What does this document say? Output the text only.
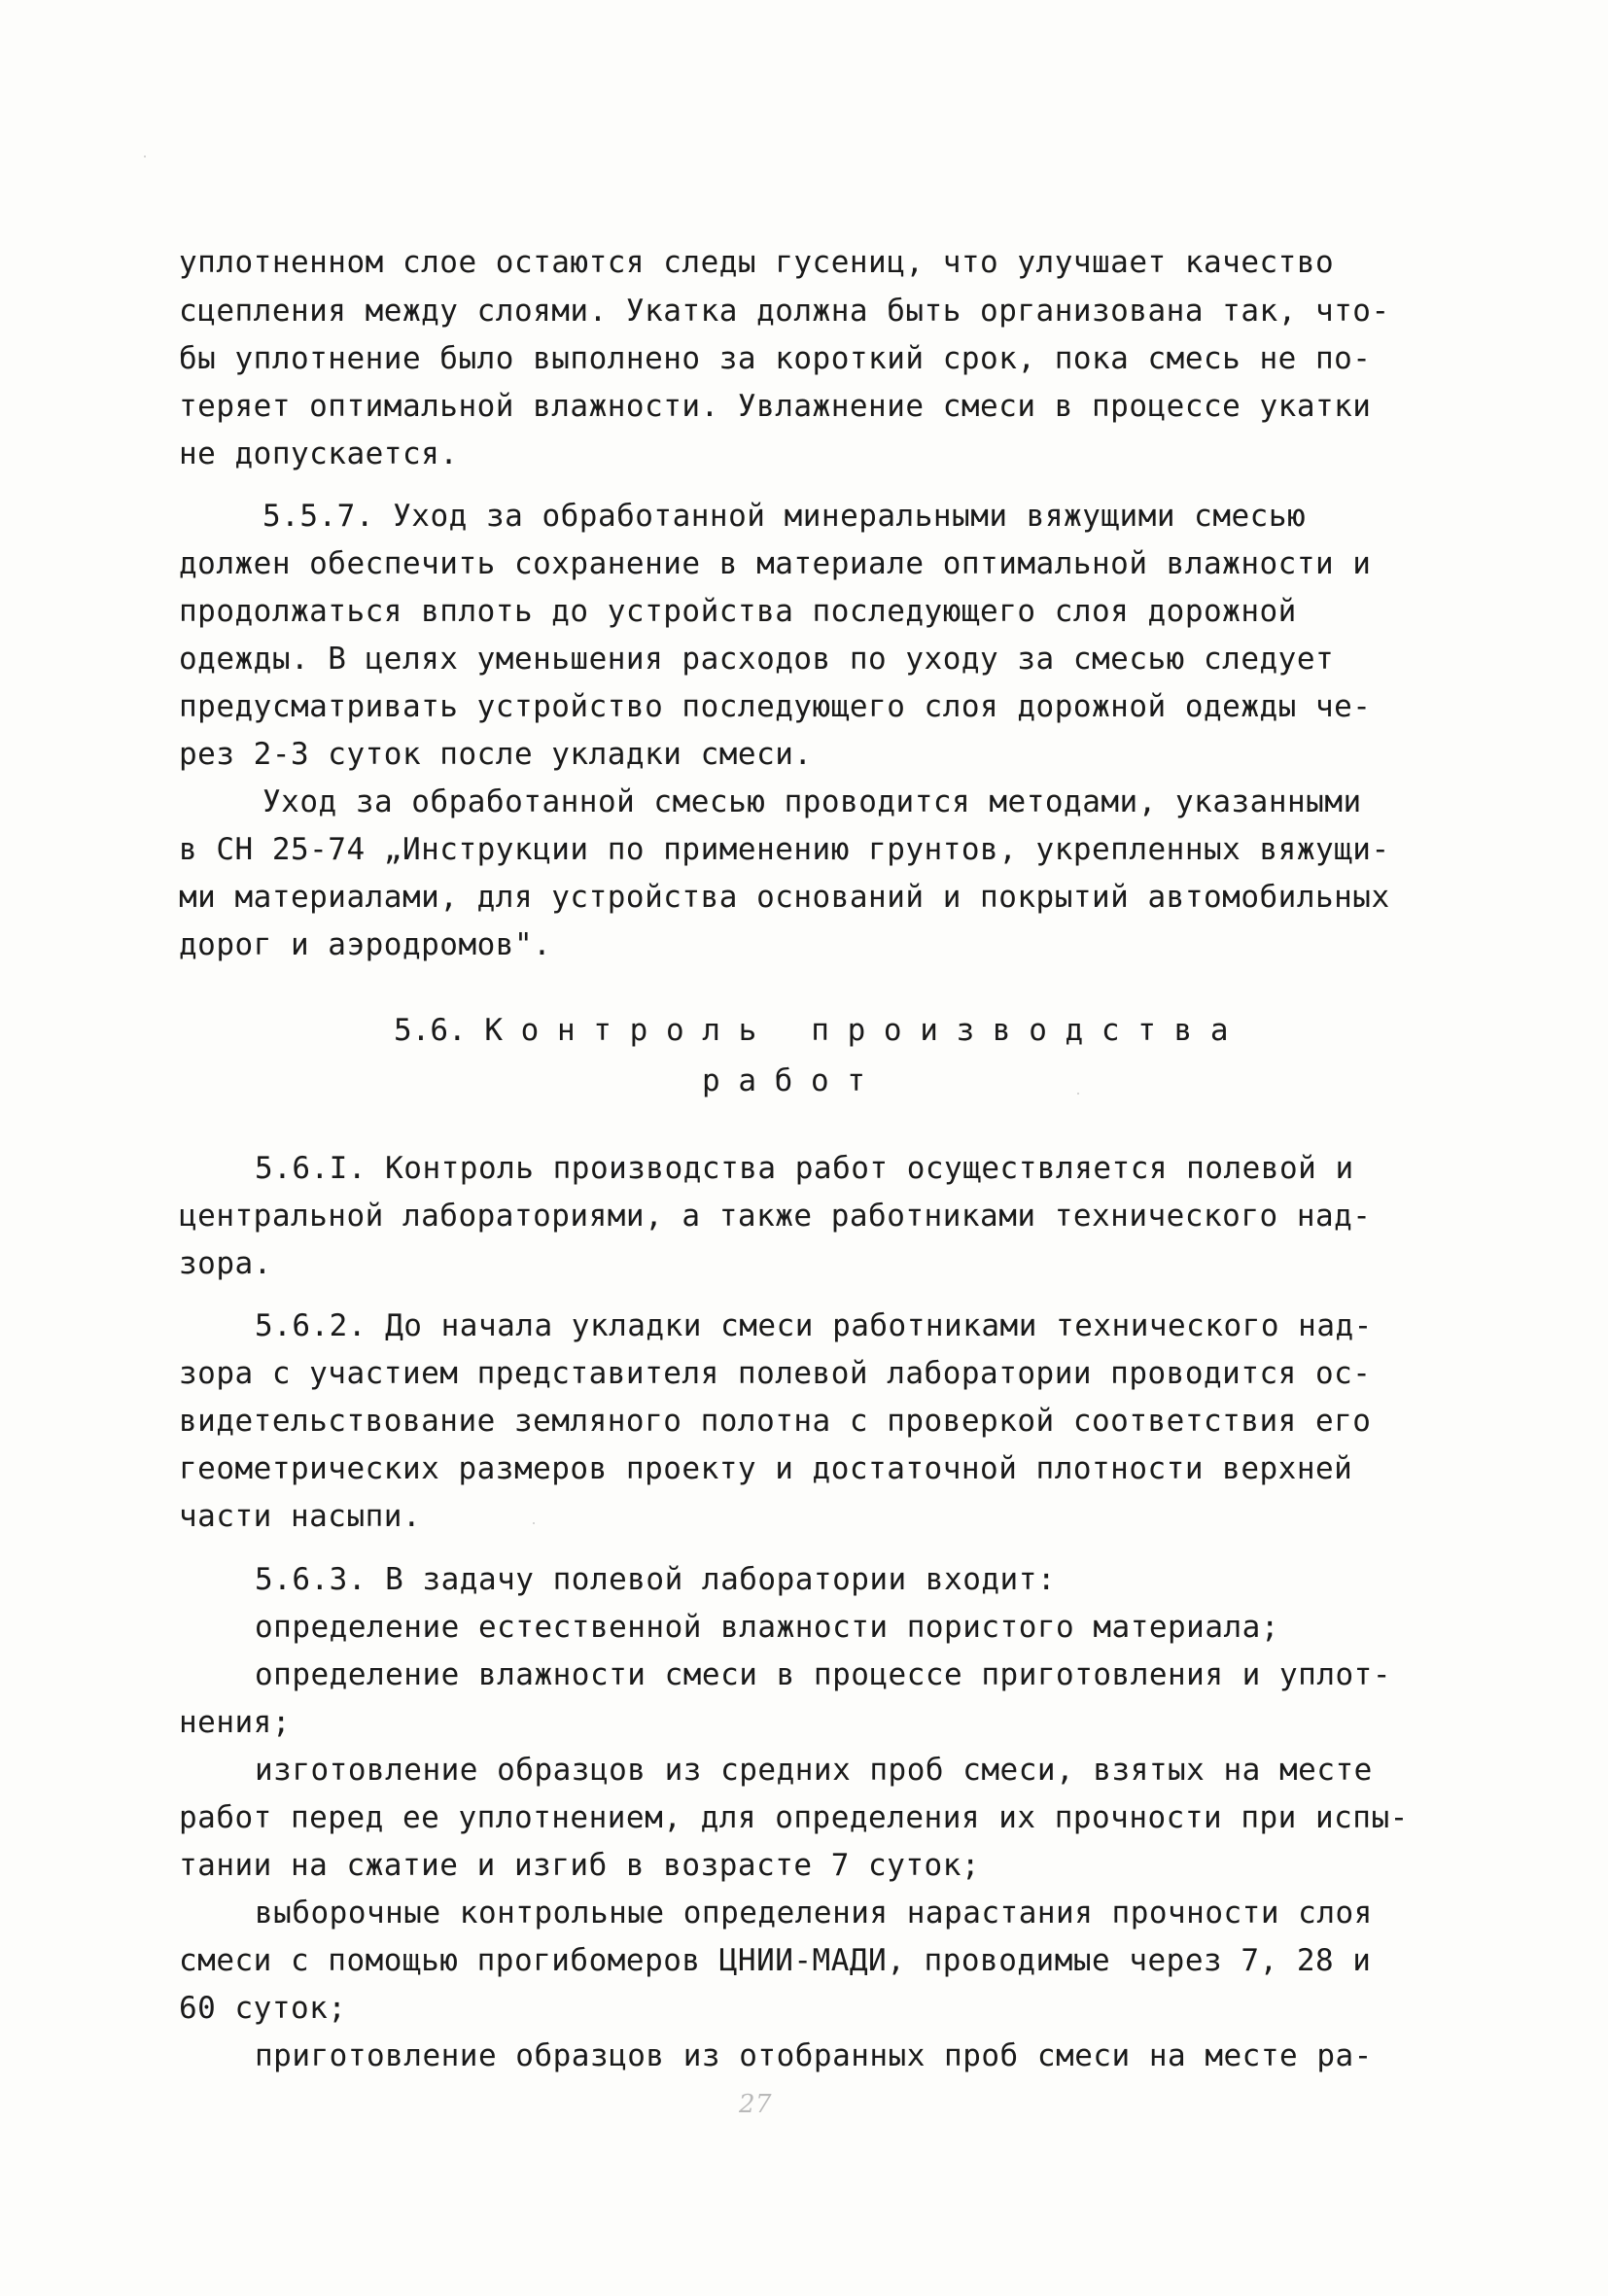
уплотненном слое остаются следы гусениц, что улучшает качество
сцепления между слоями. Укатка должна быть организована так, что-
бы уплотнение было выполнено за короткий срок, пока смесь не по-
теряет оптимальной влажности. Увлажнение смеси в процессе укатки
не допускается.
5.5.7. Уход за обработанной минеральными вяжущими смесью
должен обеспечить сохранение в материале оптимальной влажности и
продолжаться вплоть до устройства последующего слоя дорожной
одежды. В целях уменьшения расходов по уходу за смесью следует
предусматривать устройство последующего слоя дорожной одежды че-
рез 2-3 суток после укладки смеси.
Уход за обработанной смесью проводится методами, указанными
в СН 25-74 „Инструкции по применению грунтов, укрепленных вяжущи-
ми материалами, для устройства оснований и покрытий автомобильных
дорог и аэродромов".
5.6. К о н т р о л ь   п р о и з в о д с т в а
р а б о т
5.6.I. Контроль производства работ осуществляется полевой и
центральной лабораториями, а также работниками технического над-
зора.
5.6.2. До начала укладки смеси работниками технического над-
зора с участием представителя полевой лаборатории проводится ос-
видетельствование земляного полотна с проверкой соответствия его
геометрических размеров проекту и достаточной плотности верхней
части насыпи.
5.6.3. В задачу полевой лаборатории входит:
определение естественной влажности пористого материала;
определение влажности смеси в процессе приготовления и уплот-
нения;
изготовление образцов из средних проб смеси, взятых на месте
работ перед ее уплотнением, для определения их прочности при испы-
тании на сжатие и изгиб в возрасте 7 суток;
выборочные контрольные определения нарастания прочности слоя
смеси с помощью прогибомеров ЦНИИ-МАДИ, проводимые через 7, 28 и
60 суток;
приготовление образцов из отобранных проб смеси на месте ра-
27
